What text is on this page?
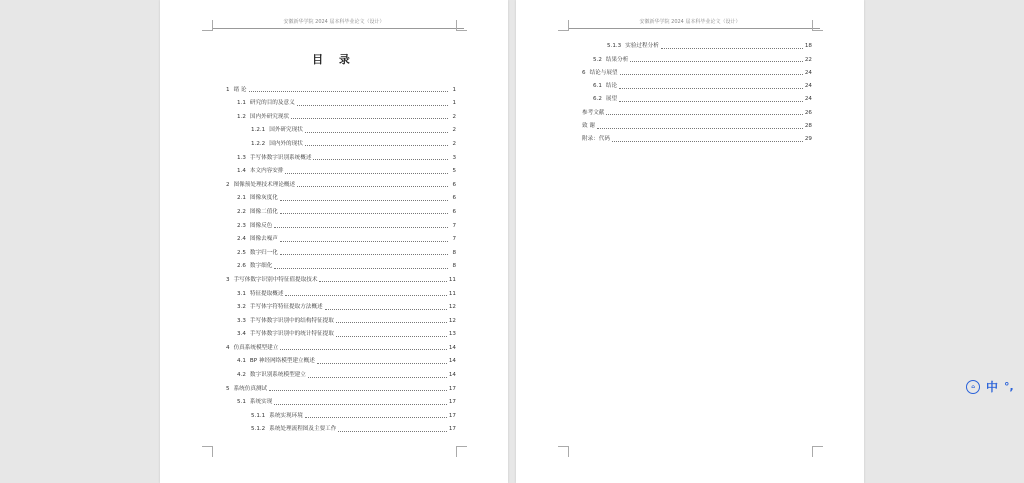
安徽新华学院 2024 届本科毕业论文（设计）
目 录
1 绪 论	1
1.1 研究的目的及意义	1
1.2 国内外研究现状	2
1.2.1 国外研究现状	2
1.2.2 国内外的现状	2
1.3 手写体数字识别系统概述	3
1.4 本文内容安排	5
2 图像预处理技术理论概述	6
2.1 图像灰度化	6
2.2 图像二值化	6
2.3 图像反色	7
2.4 图像去噪声	7
2.5 数字归一化	8
2.6 数字细化	8
3 手写体数字识别中特征值提取技术	11
3.1 特征提取概述	11
3.2 手写体字符特征提取方法概述	12
3.3 手写体数字识别中的结构特征提取	12
3.4 手写体数字识别中的统计特征提取	13
4 仿真系统模型建立	14
4.1 BP 神经网络模型建立概述	14
4.2 数字识别系统模型建立	14
5 系统仿真测试	17
5.1 系统实现	17
5.1.1 系统实现环境	17
5.1.2 系统处理流程图及主要工作	17
安徽新华学院 2024 届本科毕业论文（设计）
5.1.3 实验过程分析	18
5.2 结果分析	22
6 结论与展望	24
6.1 结论	24
6.2 展望	24
参考文献	26
致 谢	28
附录：代码	29
⌂ 中 °,
